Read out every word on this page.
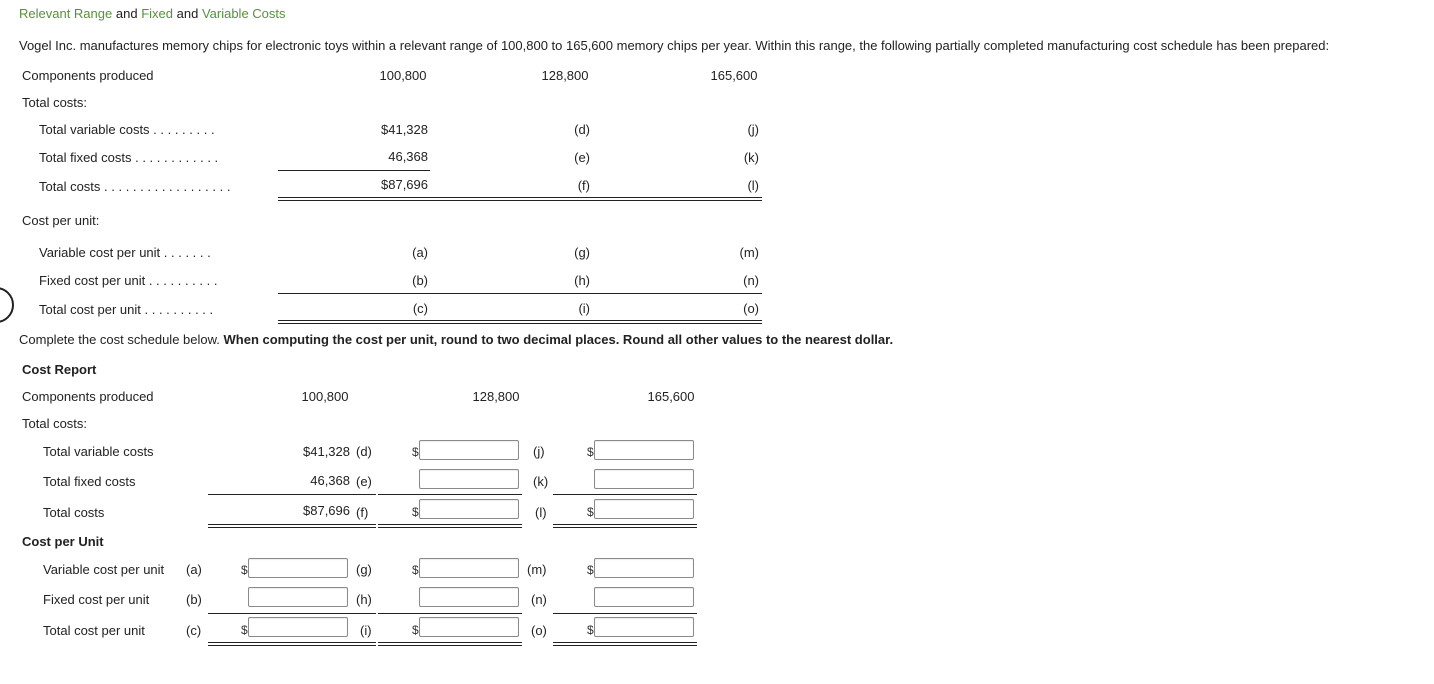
Relevant Range and Fixed and Variable Costs
Vogel Inc. manufactures memory chips for electronic toys within a relevant range of 100,800 to 165,600 memory chips per year. Within this range, the following partially completed manufacturing cost schedule has been prepared:
Components produced	100,800	128,800	165,600
Total costs:
Total variable costs . . . . . . . . .	$41,328	(d)	(j)
Total fixed costs . . . . . . . . . . . .	46,368	(e)	(k)
Total costs . . . . . . . . . . . . . . . . . .	$87,696	(f)	(l)
Cost per unit:
Variable cost per unit . . . . . . .	(a)	(g)	(m)
Fixed cost per unit . . . . . . . . . .	(b)	(h)	(n)
Total cost per unit . . . . . . . . . .	(c)	(i)	(o)
Complete the cost schedule below. When computing the cost per unit, round to two decimal places. Round all other values to the nearest dollar.
Cost Report
Components produced	100,800	128,800	165,600
Total costs:
Total variable costs	$41,328 (d)	$	(j)	$
Total fixed costs	46,368 (e)	(k)
Total costs	$87,696 (f)	$	(l)	$
Cost per Unit
Variable cost per unit (a)	$	(g)	$	(m)	$
Fixed cost per unit	(b)	(h)	(n)
Total cost per unit	(c)	$	(i)	$	(o)	$
